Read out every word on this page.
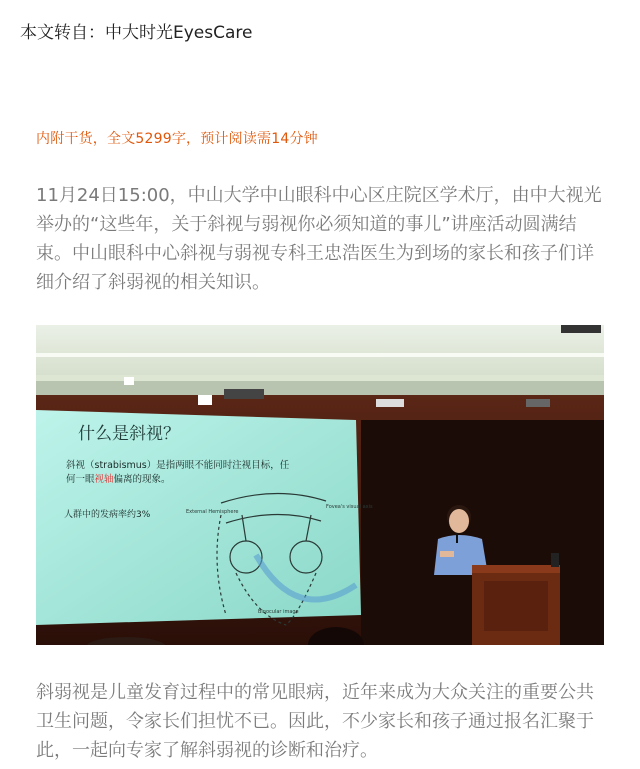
本文转自：中大时光EyesCare
内附干货，全文5299字，预计阅读需14分钟

11月24日15:00，中山大学中山眼科中心区庄院区学术厅，由中大视光举办的“这些年，关于斜视与弱视你必须知道的事儿”讲座活动圆满结束。中山眼科中心斜视与弱视专科王忠浩医生为到场的家长和孩子们详细介绍了斜弱视的相关知识。

什么是斜视？
斜视（strabismus）是指两眼不能同时注视目标，任
何一眼视轴偏离的现象。
人群中的发病率约3%	External Hemisphere
Fovea's visual axis
Binocular image

斜弱视是儿童发育过程中的常见眼病，近年来成为大众关注的重要公共卫生问题，令家长们担忧不已。因此，不少家长和孩子通过报名汇聚于此，一起向专家了解斜弱视的诊断和治疗。
